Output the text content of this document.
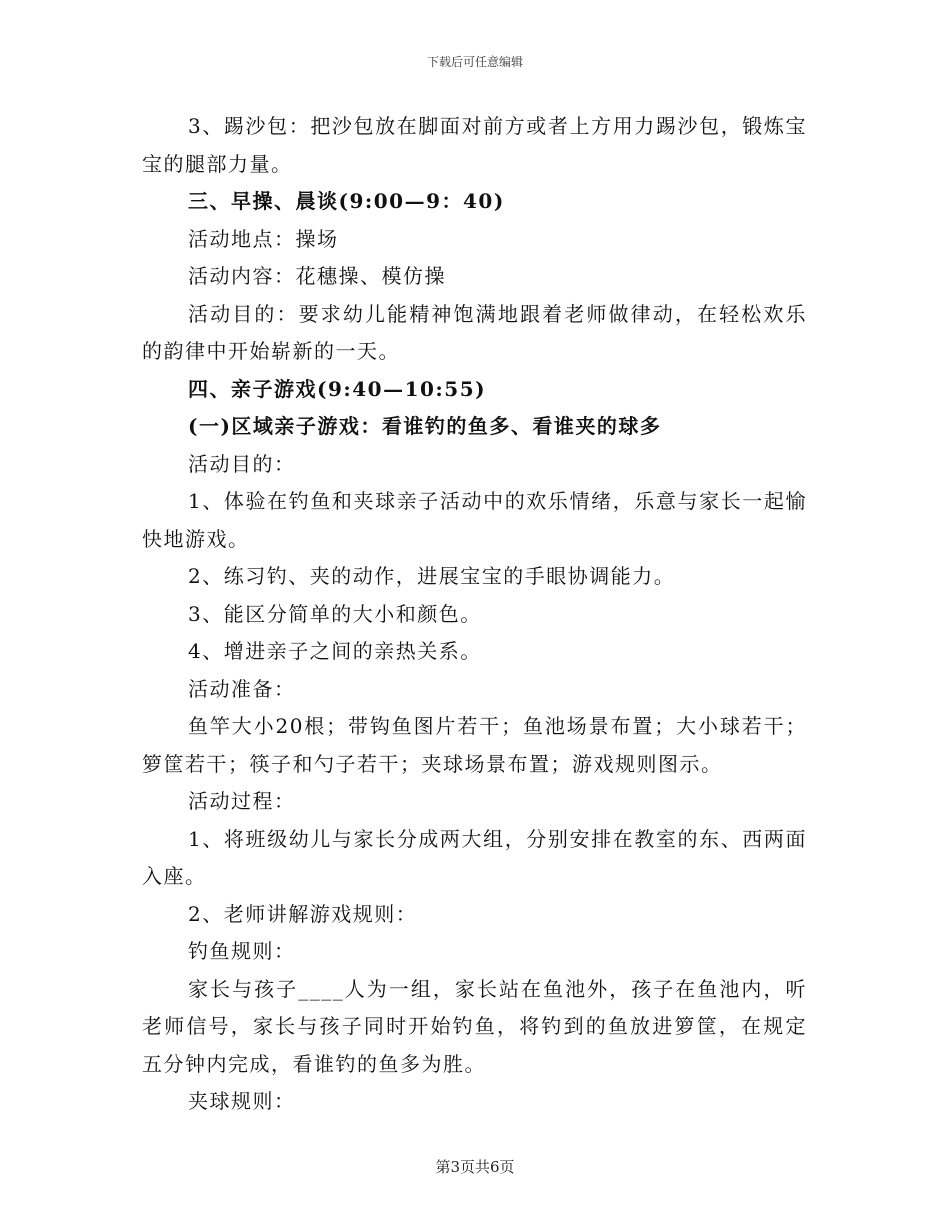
下载后可任意编辑
3、踢沙包：把沙包放在脚面对前方或者上方用力踢沙包，锻炼宝
宝的腿部力量。
三、早操、晨谈(9:00—9：40)
活动地点：操场
活动内容：花穗操、模仿操
活动目的：要求幼儿能精神饱满地跟着老师做律动，在轻松欢乐
的韵律中开始崭新的一天。
四、亲子游戏(9:40—10:55)
(一)区域亲子游戏：看谁钓的鱼多、看谁夹的球多
活动目的：
1、体验在钓鱼和夹球亲子活动中的欢乐情绪，乐意与家长一起愉
快地游戏。
2、练习钓、夹的动作，进展宝宝的手眼协调能力。
3、能区分简单的大小和颜色。
4、增进亲子之间的亲热关系。
活动准备：
鱼竿大小20根；带钩鱼图片若干；鱼池场景布置；大小球若干；
箩筐若干；筷子和勺子若干；夹球场景布置；游戏规则图示。
活动过程：
1、将班级幼儿与家长分成两大组，分别安排在教室的东、西两面
入座。
2、老师讲解游戏规则：
钓鱼规则：
家长与孩子____人为一组，家长站在鱼池外，孩子在鱼池内，听
老师信号，家长与孩子同时开始钓鱼，将钓到的鱼放进箩筐，在规定
五分钟内完成，看谁钓的鱼多为胜。
夹球规则：
第3页共6页
